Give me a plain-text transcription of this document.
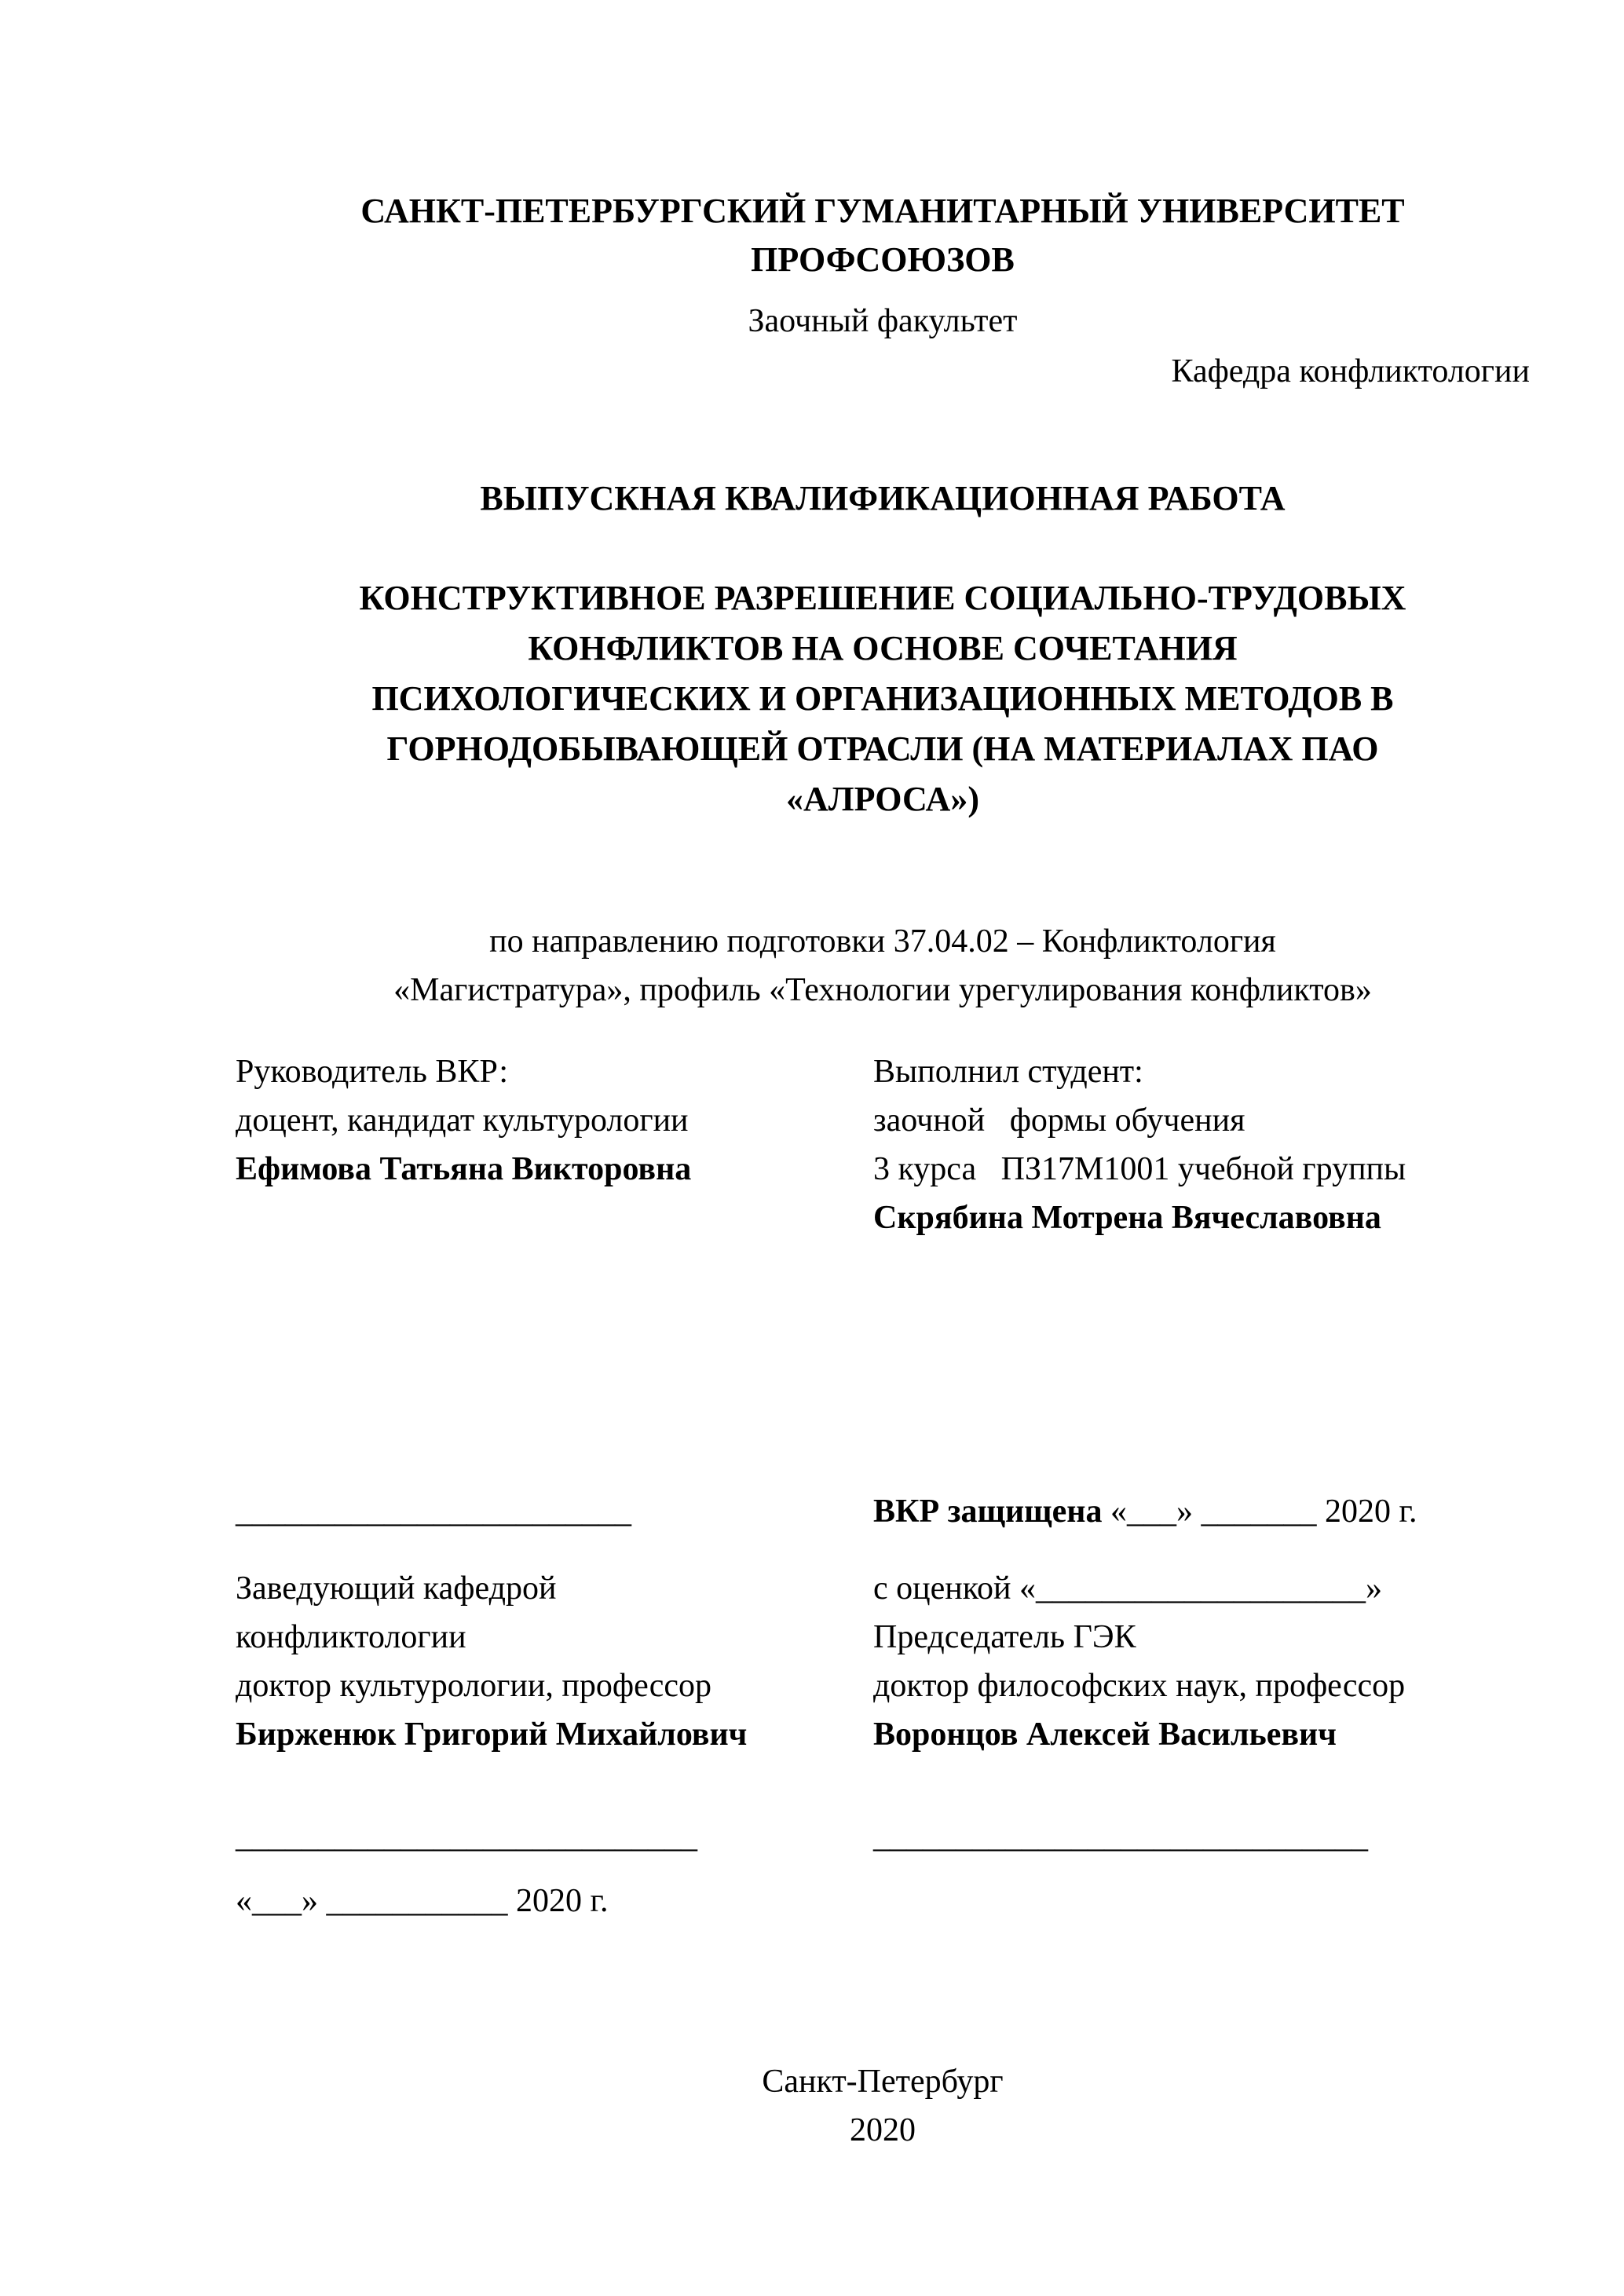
САНКТ-ПЕТЕРБУРГСКИЙ ГУМАНИТАРНЫЙ УНИВЕРСИТЕТ ПРОФСОЮЗОВ
Заочный факультет
Кафедра конфликтологии
ВЫПУСКНАЯ КВАЛИФИКАЦИОННАЯ РАБОТА
КОНСТРУКТИВНОЕ РАЗРЕШЕНИЕ СОЦИАЛЬНО-ТРУДОВЫХ
КОНФЛИКТОВ НА ОСНОВЕ СОЧЕТАНИЯ
ПСИХОЛОГИЧЕСКИХ И ОРГАНИЗАЦИОННЫХ МЕТОДОВ В
ГОРНОДОБЫВАЮЩЕЙ ОТРАСЛИ (НА МАТЕРИАЛАХ ПАО
«АЛРОСА»)
по направлению подготовки 37.04.02 – Конфликтология
«Магистратура», профиль «Технологии урегулирования конфликтов»
Руководитель ВКР:
доцент, кандидат культурологии
Ефимова Татьяна Викторовна
Выполнил студент:
заочной   формы обучения
3 курса   ПЗ17М1001 учебной группы
Скрябина Мотрена Вячеславовна
________________________	ВКР защищена «___» _______ 2020 г.
Заведующий кафедрой
конфликтологии
доктор культурологии, профессор
Бирженюк Григорий Михайлович
с оценкой «____________________»
Председатель ГЭК
доктор философских наук, профессор
Воронцов Алексей Васильевич
____________________________	______________________________
«___» ___________ 2020 г.
Санкт-Петербург
2020
